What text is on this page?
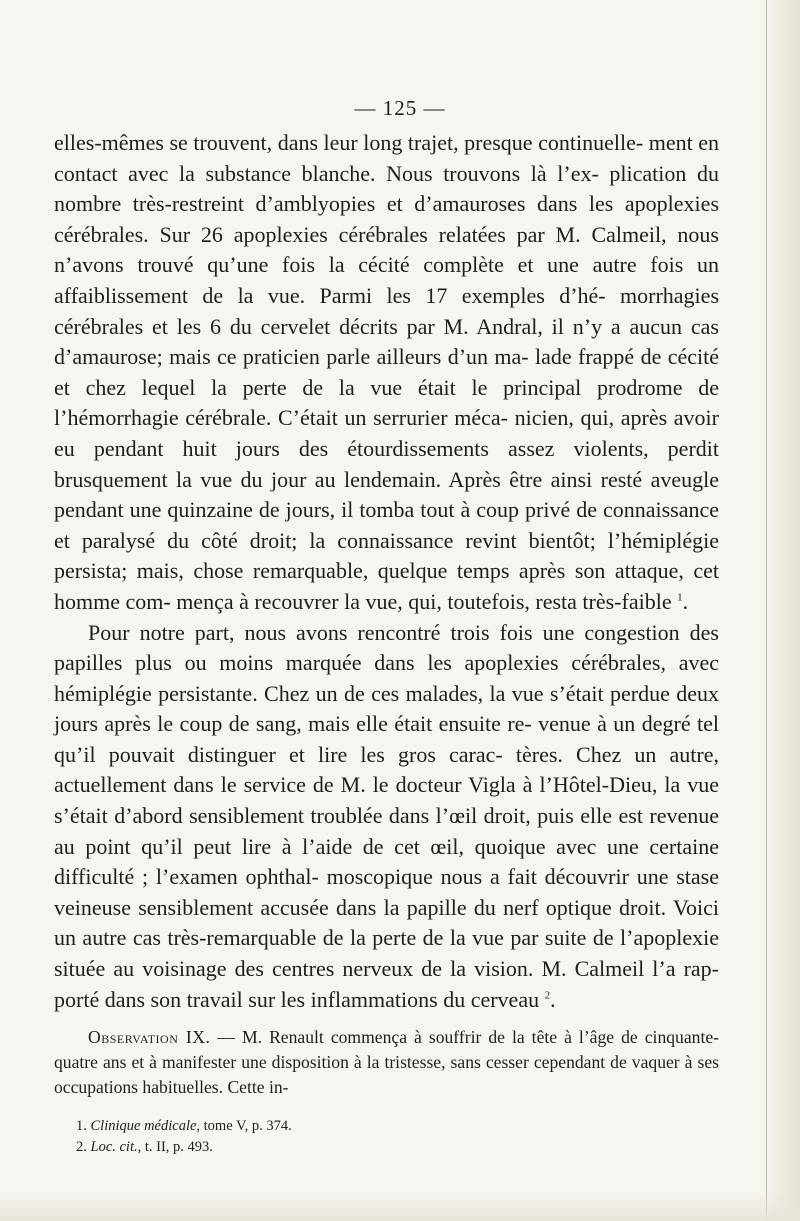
— 125 —

elles-mêmes se trouvent, dans leur long trajet, presque continuelle- ment en contact avec la substance blanche. Nous trouvons là l’ex- plication du nombre très-restreint d’amblyopies et d’amauroses dans les apoplexies cérébrales. Sur 26 apoplexies cérébrales relatées par M. Calmeil, nous n’avons trouvé qu’une fois la cécité complète et une autre fois un affaiblissement de la vue. Parmi les 17 exemples d’hé- morrhagies cérébrales et les 6 du cervelet décrits par M. Andral, il n’y a aucun cas d’amaurose; mais ce praticien parle ailleurs d’un ma- lade frappé de cécité et chez lequel la perte de la vue était le principal prodrome de l’hémorrhagie cérébrale. C’était un serrurier méca- nicien, qui, après avoir eu pendant huit jours des étourdissements assez violents, perdit brusquement la vue du jour au lendemain. Après être ainsi resté aveugle pendant une quinzaine de jours, il tomba tout à coup privé de connaissance et paralysé du côté droit; la connaissance revint bientôt; l’hémiplégie persista; mais, chose remarquable, quelque temps après son attaque, cet homme com- mença à recouvrer la vue, qui, toutefois, resta très-faible $^1$.

Pour notre part, nous avons rencontré trois fois une congestion des papilles plus ou moins marquée dans les apoplexies cérébrales, avec hémiplégie persistante. Chez un de ces malades, la vue s’était perdue deux jours après le coup de sang, mais elle était ensuite re- venue à un degré tel qu’il pouvait distinguer et lire les gros carac- tères. Chez un autre, actuellement dans le service de M. le docteur Vigla à l’Hôtel-Dieu, la vue s’était d’abord sensiblement troublée dans l’œil droit, puis elle est revenue au point qu’il peut lire à l’aide de cet œil, quoique avec une certaine difficulté ; l’examen ophthal- moscopique nous a fait découvrir une stase veineuse sensiblement accusée dans la papille du nerf optique droit. Voici un autre cas très-remarquable de la perte de la vue par suite de l’apoplexie située au voisinage des centres nerveux de la vision. M. Calmeil l’a rap- porté dans son travail sur les inflammations du cerveau $^2$.

Observation IX. — M. Renault commença à souffrir de la tête à l’âge de cinquante-quatre ans et à manifester une disposition à la tristesse, sans cesser cependant de vaquer à ses occupations habituelles. Cette in-
1. Clinique médicale, tome V, p. 374.
2. Loc. cit., t. II, p. 493.
